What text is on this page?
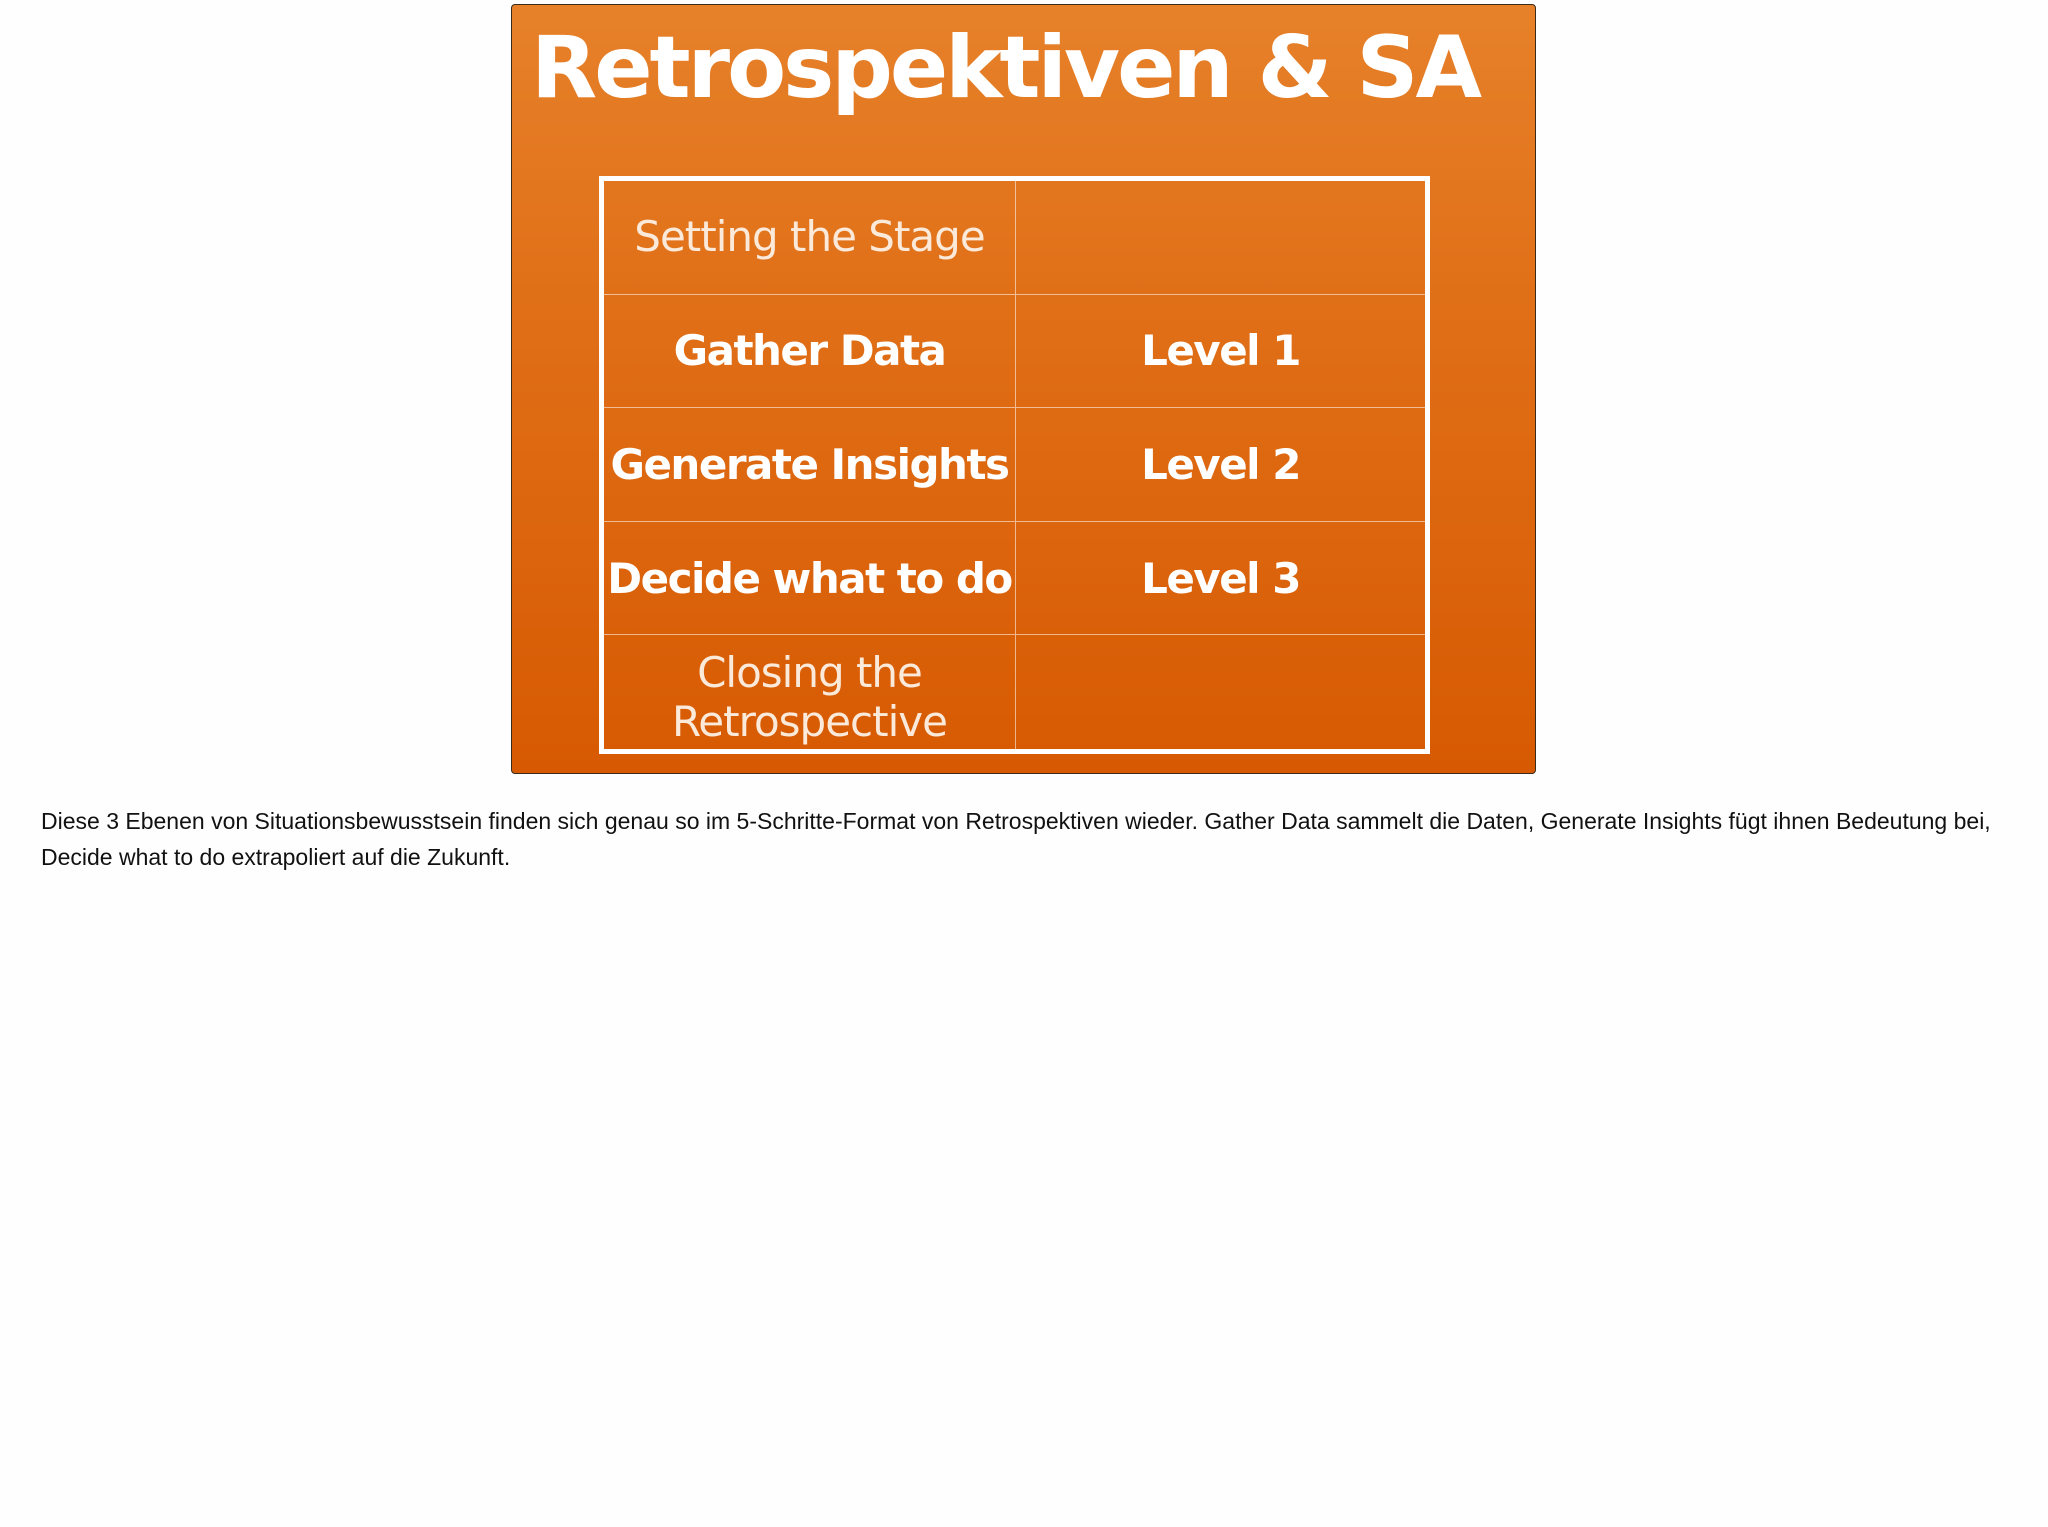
Retrospektiven & SA
Setting the Stage
Gather Data	Level 1
Generate Insights	Level 2
Decide what to do	Level 3
Closing the Retrospective

Diese 3 Ebenen von Situationsbewusstsein finden sich genau so im 5-Schritte-Format von Retrospektiven wieder. Gather Data sammelt die Daten, Generate Insights fügt ihnen Bedeutung bei, Decide what to do extrapoliert auf die Zukunft.
